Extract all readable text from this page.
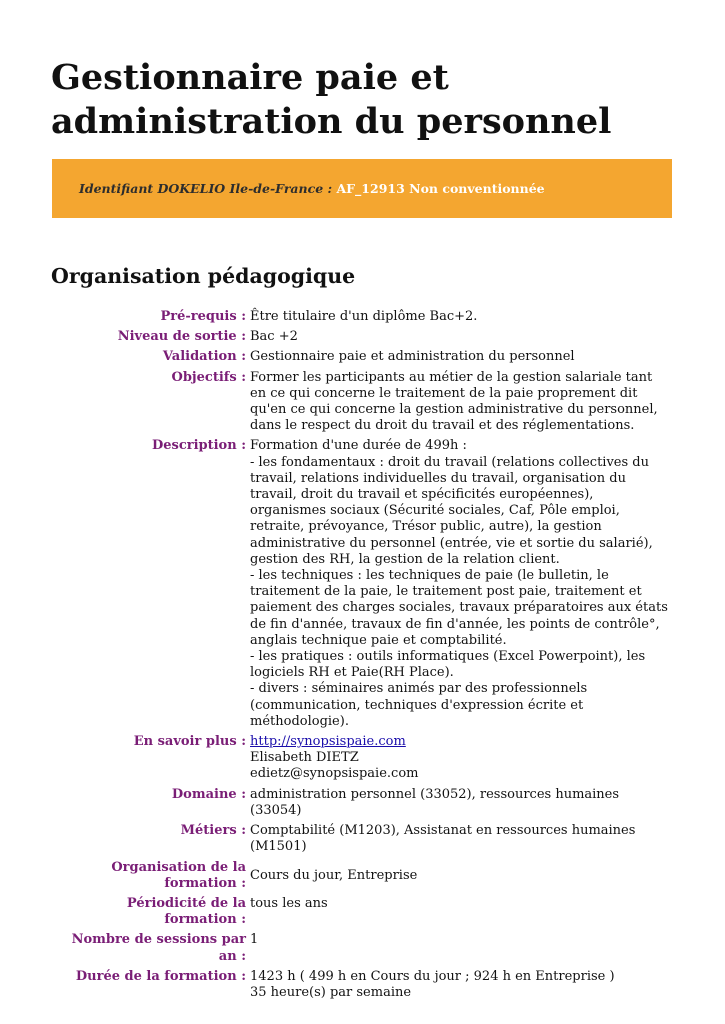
Gestionnaire paie et administration du personnel
Identifiant DOKELIO Ile-de-France : AF_12913 Non conventionnée
Organisation pédagogique
Pré-requis :	Être titulaire d'un diplôme Bac+2.
Niveau de sortie :	Bac +2
Validation :	Gestionnaire paie et administration du personnel
Objectifs :	Former les participants au métier de la gestion salariale tant en ce qui concerne le traitement de la paie proprement dit qu'en ce qui concerne la gestion administrative du personnel, dans le respect du droit du travail et des réglementations.
Description :	Formation d'une durée de 499h :
- les fondamentaux : droit du travail (relations collectives du travail, relations individuelles du travail, organisation du travail, droit du travail et spécificités européennes), organismes sociaux (Sécurité sociales, Caf, Pôle emploi, retraite, prévoyance, Trésor public, autre), la gestion administrative du personnel (entrée, vie et sortie du salarié), gestion des RH, la gestion de la relation client.
- les techniques : les techniques de paie (le bulletin, le traitement de la paie, le traitement post paie, traitement et paiement des charges sociales, travaux préparatoires aux états de fin d'année, travaux de fin d'année, les points de contrôle°, anglais technique paie et comptabilité.
- les pratiques : outils informatiques (Excel Powerpoint), les logiciels RH et Paie(RH Place).
- divers : séminaires animés par des professionnels (communication, techniques d'expression écrite et méthodologie).

En savoir plus :	http://synopsispaie.com
Elisabeth DIETZ
edietz@synopsispaie.com

Domaine :	administration personnel (33052), ressources humaines (33054)
Métiers :	Comptabilité (M1203), Assistanat en ressources humaines (M1501)
Organisation de la formation :	Cours du jour, Entreprise
Périodicité de la formation :	tous les ans
Nombre de sessions par an :	1
Durée de la formation :	1423 h ( 499 h en Cours du jour ; 924 h en Entreprise )
35 heure(s) par semaine
